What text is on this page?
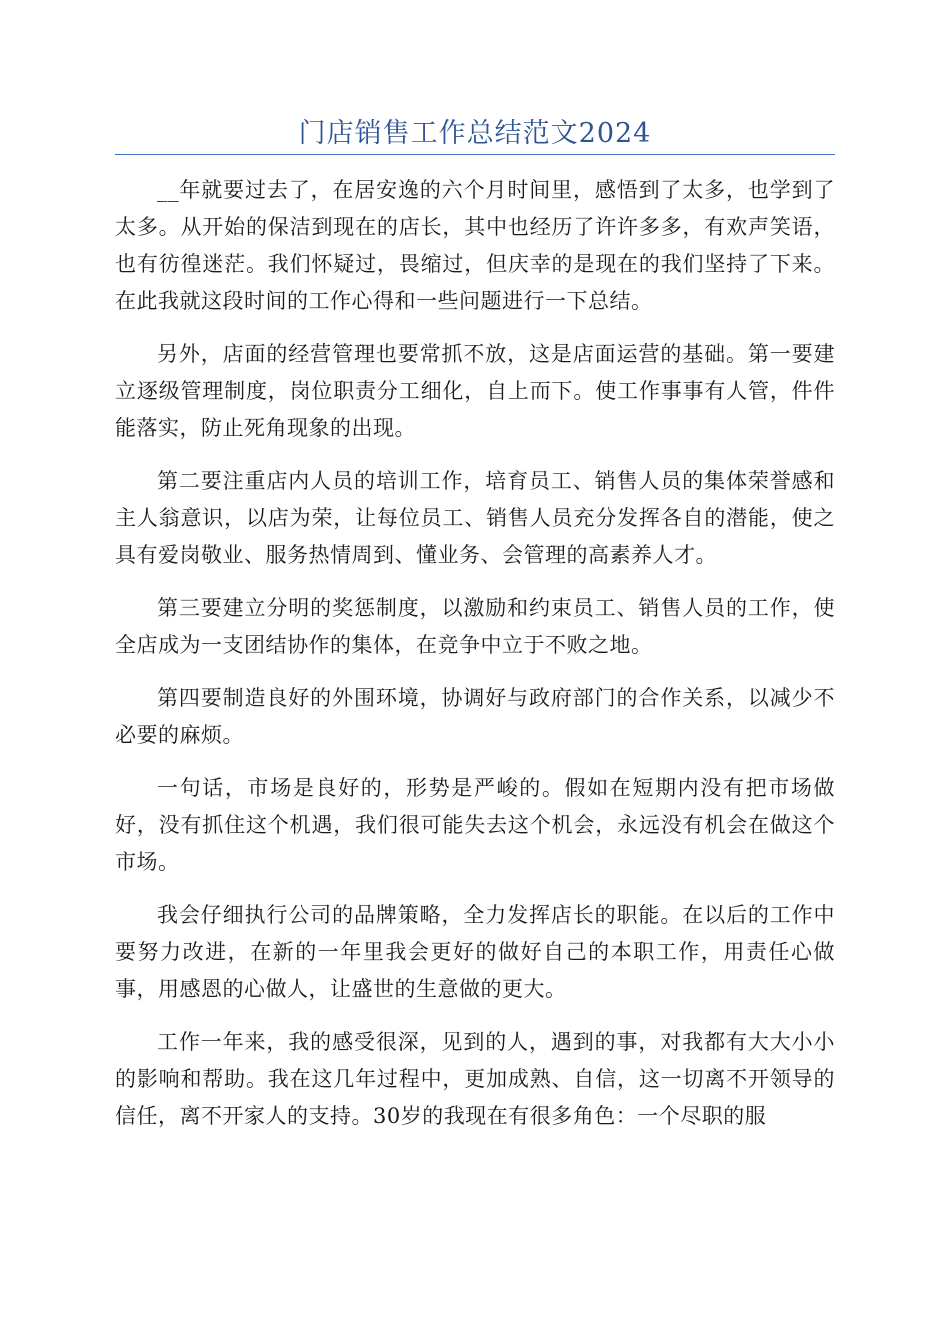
门店销售工作总结范文2024

__年就要过去了，在居安逸的六个月时间里，感悟到了太多，也学到了太多。从开始的保洁到现在的店长，其中也经历了许许多多，有欢声笑语，也有彷徨迷茫。我们怀疑过，畏缩过，但庆幸的是现在的我们坚持了下来。在此我就这段时间的工作心得和一些问题进行一下总结。

另外，店面的经营管理也要常抓不放，这是店面运营的基础。第一要建立逐级管理制度，岗位职责分工细化，自上而下。使工作事事有人管，件件能落实，防止死角现象的出现。

第二要注重店内人员的培训工作，培育员工、销售人员的集体荣誉感和主人翁意识，以店为荣，让每位员工、销售人员充分发挥各自的潜能，使之具有爱岗敬业、服务热情周到、懂业务、会管理的高素养人才。

第三要建立分明的奖惩制度，以激励和约束员工、销售人员的工作，使全店成为一支团结协作的集体，在竞争中立于不败之地。

第四要制造良好的外围环境，协调好与政府部门的合作关系，以减少不必要的麻烦。

一句话，市场是良好的，形势是严峻的。假如在短期内没有把市场做好，没有抓住这个机遇，我们很可能失去这个机会，永远没有机会在做这个市场。

我会仔细执行公司的品牌策略，全力发挥店长的职能。在以后的工作中要努力改进，在新的一年里我会更好的做好自己的本职工作，用责任心做事，用感恩的心做人，让盛世的生意做的更大。

工作一年来，我的感受很深，见到的人，遇到的事，对我都有大大小小的影响和帮助。我在这几年过程中，更加成熟、自信，这一切离不开领导的信任，离不开家人的支持。30岁的我现在有很多角色：一个尽职的服
